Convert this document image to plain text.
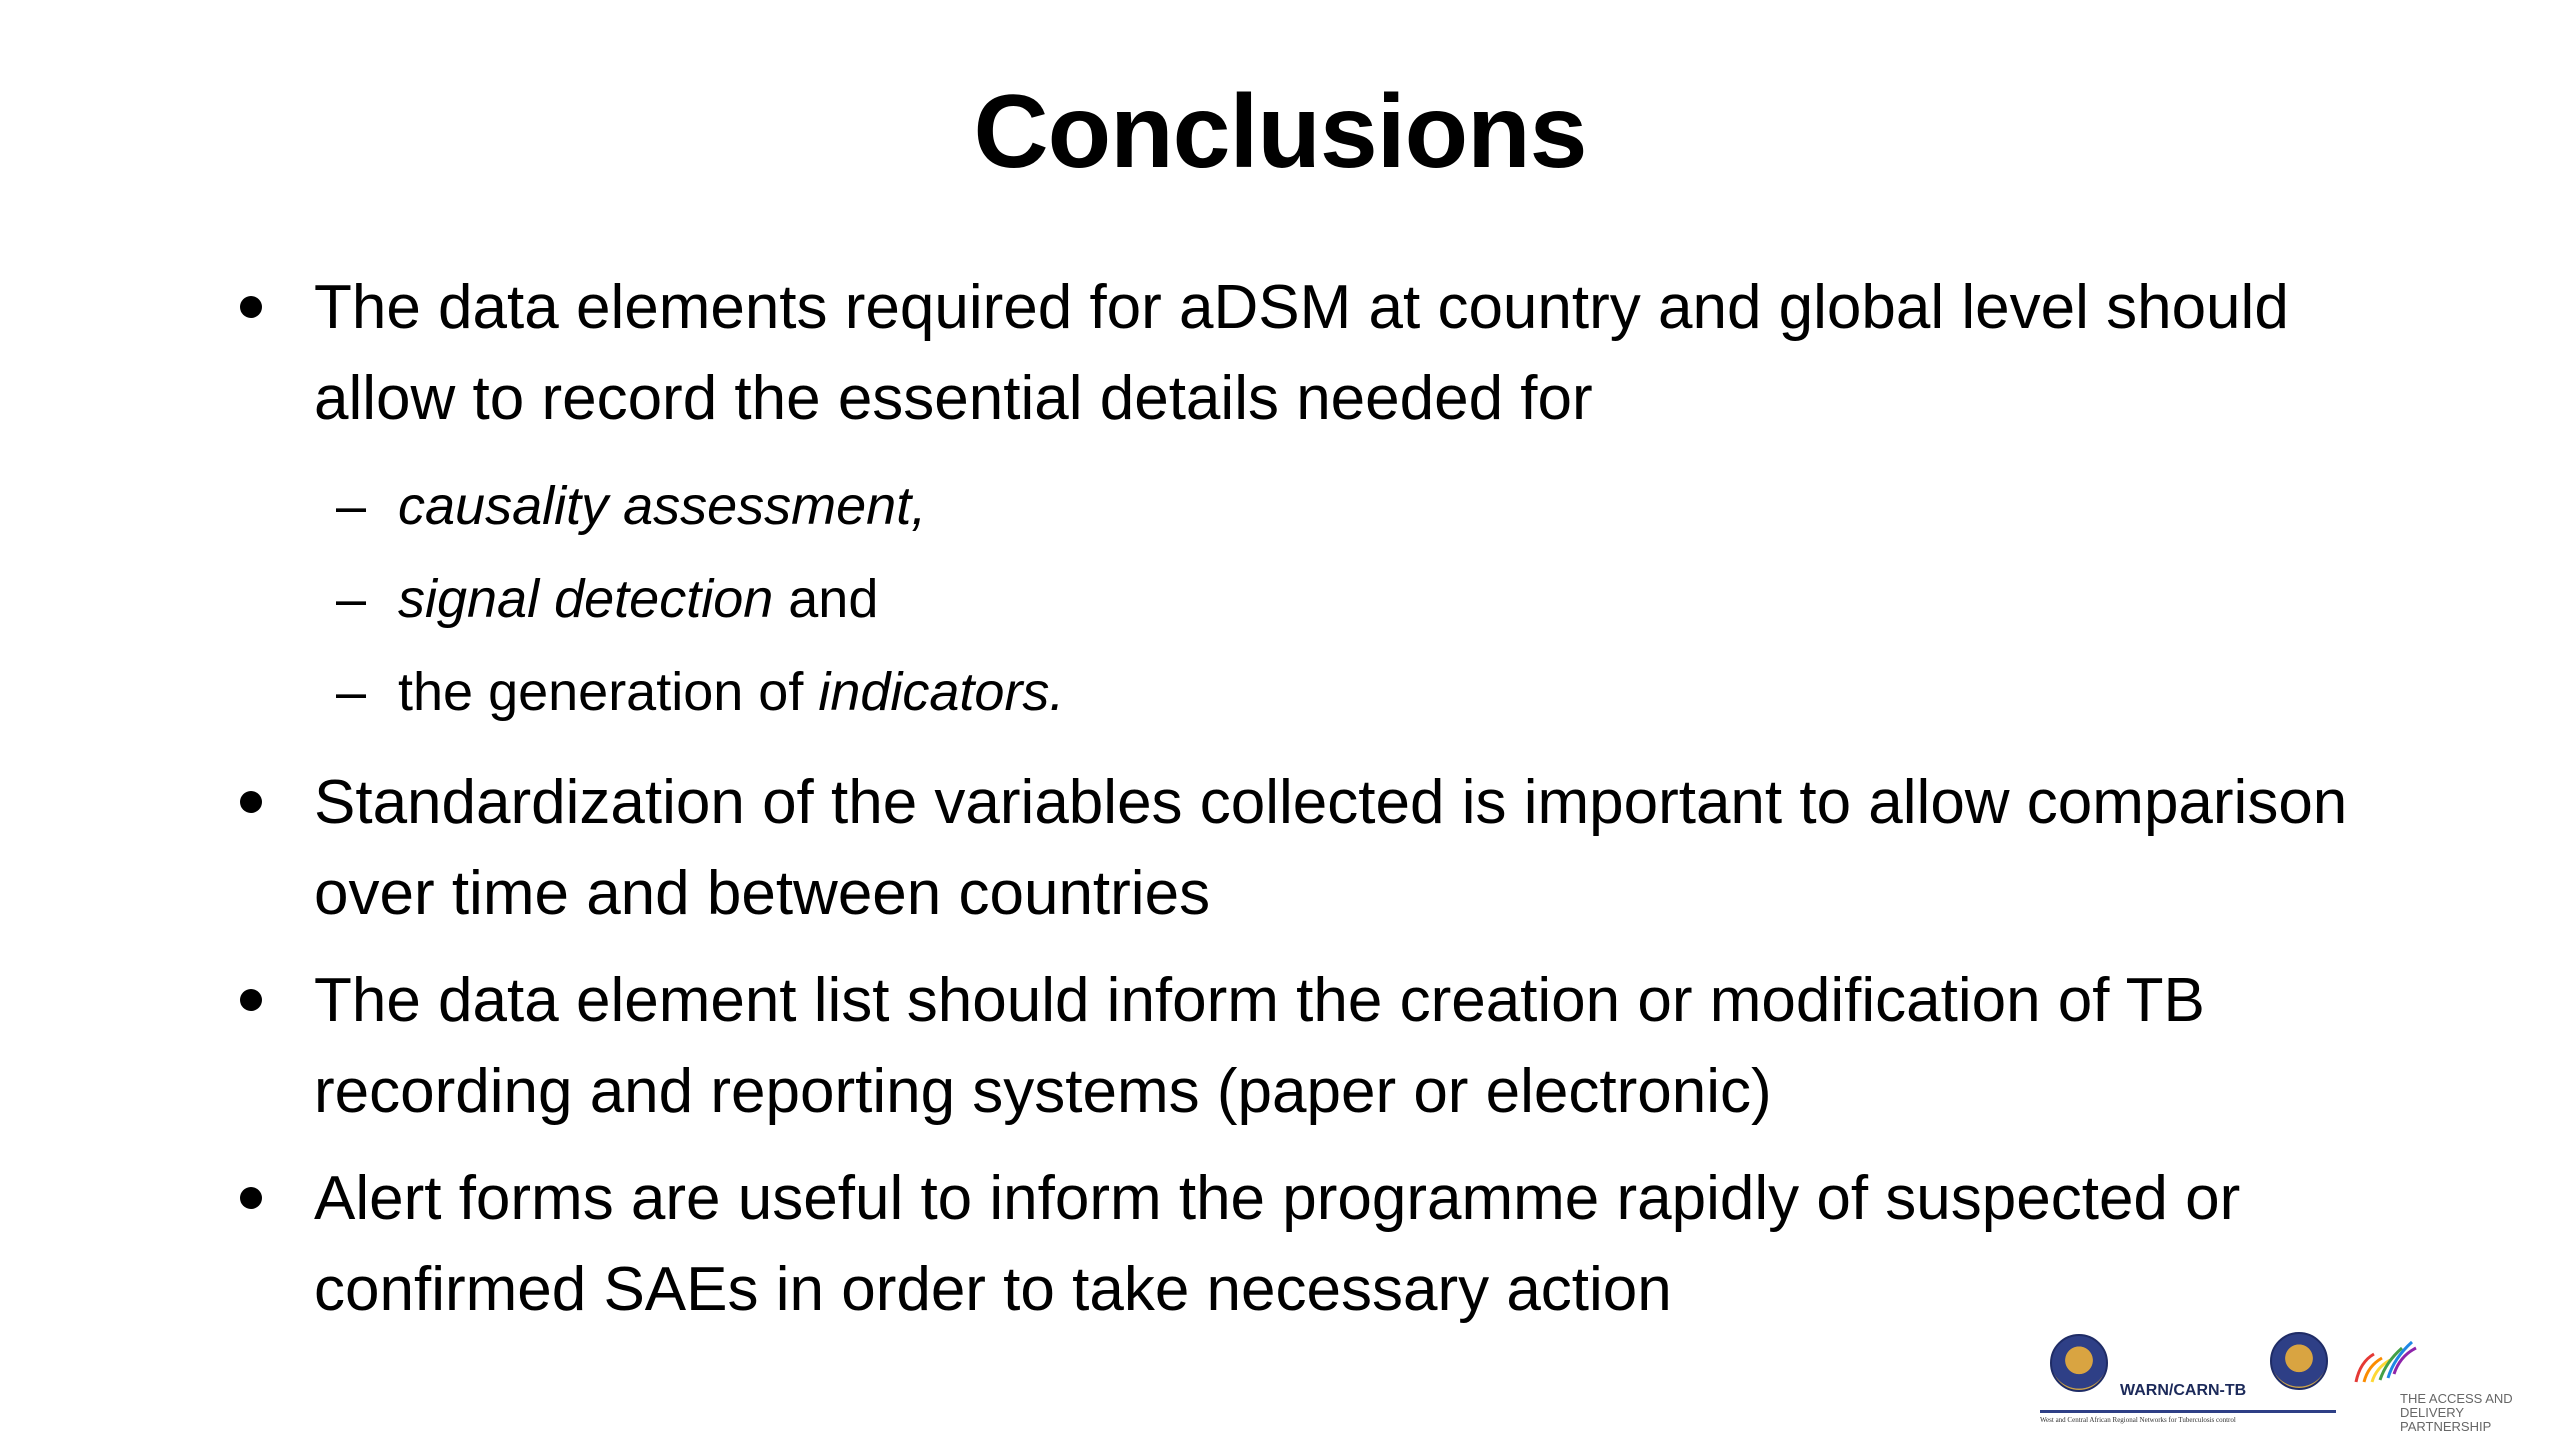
Conclusions
The data elements required for aDSM at country and global level should allow to record the essential details needed for
– causality assessment,
– signal detection and
– the generation of indicators.
Standardization of the variables collected is important to allow comparison over time and between countries
The data element list should inform the creation or modification of TB recording and reporting systems (paper or electronic)
Alert forms are useful to inform the programme rapidly of suspected or confirmed SAEs in order to take necessary action
WARN/CARN-TB
West and Central African Regional Networks for Tuberculosis control
THE ACCESS AND
DELIVERY PARTNERSHIP
